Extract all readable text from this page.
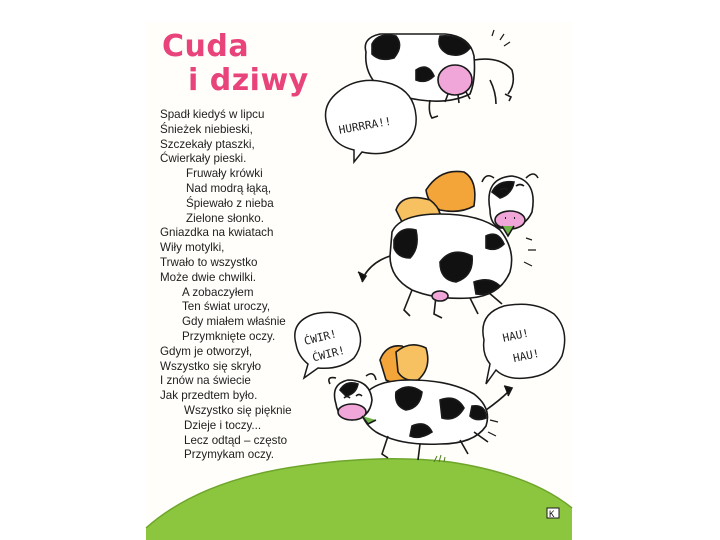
Cuda
i dziwy
Spadł kiedyś w lipcu
Śnieżek niebieski,
Szczekały ptaszki,
Ćwierkały pieski.
Fruwały krówki
Nad modrą łąką,
Śpiewało z nieba
Zielone słonko.
Gniazdka na kwiatach
Wiły motylki,
Trwało to wszystko
Może dwie chwilki.
A zobaczyłem
Ten świat uroczy,
Gdy miałem właśnie
Przymknięte oczy.
Gdym je otworzył,
Wszystko się skryło
I znów na świecie
Jak przedtem było.
Wszystko się pięknie
Dzieje i toczy...
Lecz odtąd – często
Przymykam oczy.
HURRRA!!
HAU!
HAU!
ĆWIR!
ĆWIR!
K
